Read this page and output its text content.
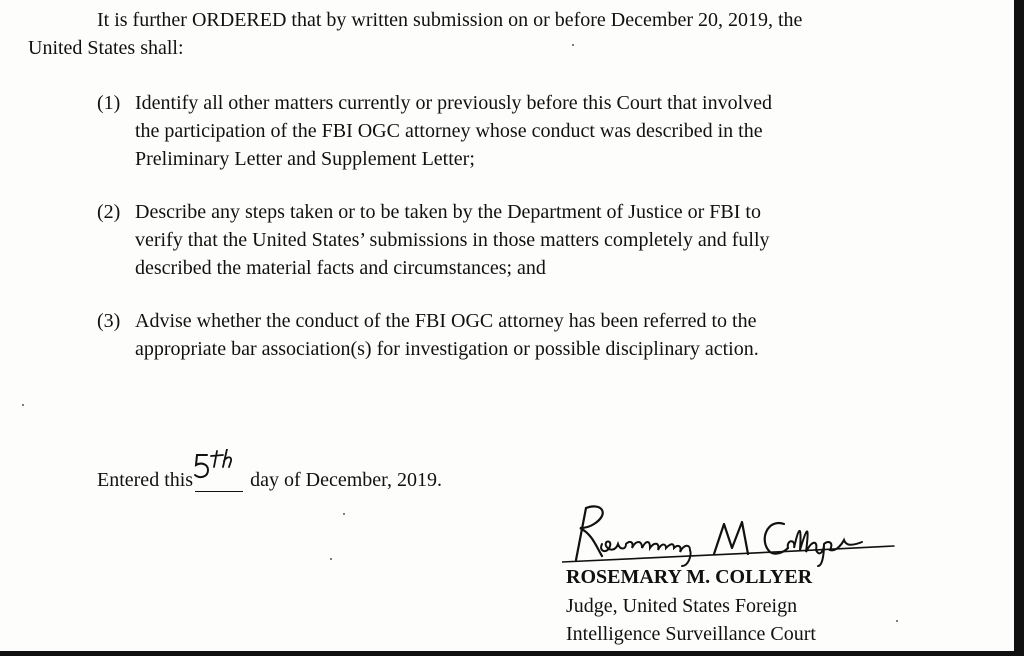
It is further ORDERED that by written submission on or before December 20, 2019, the
United States shall:
(1) Identify all other matters currently or previously before this Court that involved
the participation of the FBI OGC attorney whose conduct was described in the
Preliminary Letter and Supplement Letter;
(2) Describe any steps taken or to be taken by the Department of Justice or FBI to
verify that the United States’ submissions in those matters completely and fully
described the material facts and circumstances; and
(3) Advise whether the conduct of the FBI OGC attorney has been referred to the
appropriate bar association(s) for investigation or possible disciplinary action.
Entered this	day of December, 2019.
ROSEMARY M. COLLYER
Judge, United States Foreign
Intelligence Surveillance Court
